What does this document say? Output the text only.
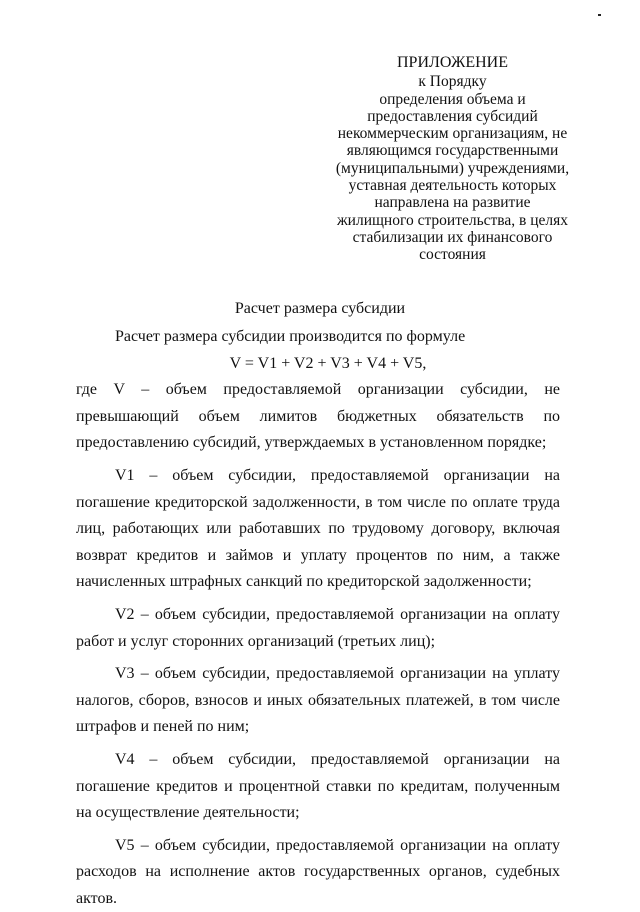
ПРИЛОЖЕНИЕ
к Порядку
определения объема и
предоставления субсидий
некоммерческим организациям, не
являющимся государственными
(муниципальными) учреждениями,
уставная деятельность которых
направлена на развитие
жилищного строительства, в целях
стабилизации их финансового
состояния
Расчет размера субсидии

Расчет размера субсидии производится по формуле

V = V1 + V2 + V3 + V4 + V5,

где V – объем предоставляемой организации субсидии, не превышающий объем лимитов бюджетных обязательств по предоставлению субсидий, утверждаемых в установленном порядке;

V1 – объем субсидии, предоставляемой организации на погашение кредиторской задолженности, в том числе по оплате труда лиц, работающих или работавших по трудовому договору, включая возврат кредитов и займов и уплату процентов по ним, а также начисленных штрафных санкций по кредиторской задолженности;

V2 – объем субсидии, предоставляемой организации на оплату работ и услуг сторонних организаций (третьих лиц);

V3 – объем субсидии, предоставляемой организации на уплату налогов, сборов, взносов и иных обязательных платежей, в том числе штрафов и пеней по ним;

V4 – объем субсидии, предоставляемой организации на погашение кредитов и процентной ставки по кредитам, полученным на осуществление деятельности;

V5 – объем субсидии, предоставляемой организации на оплату расходов на исполнение актов государственных органов, судебных актов.
